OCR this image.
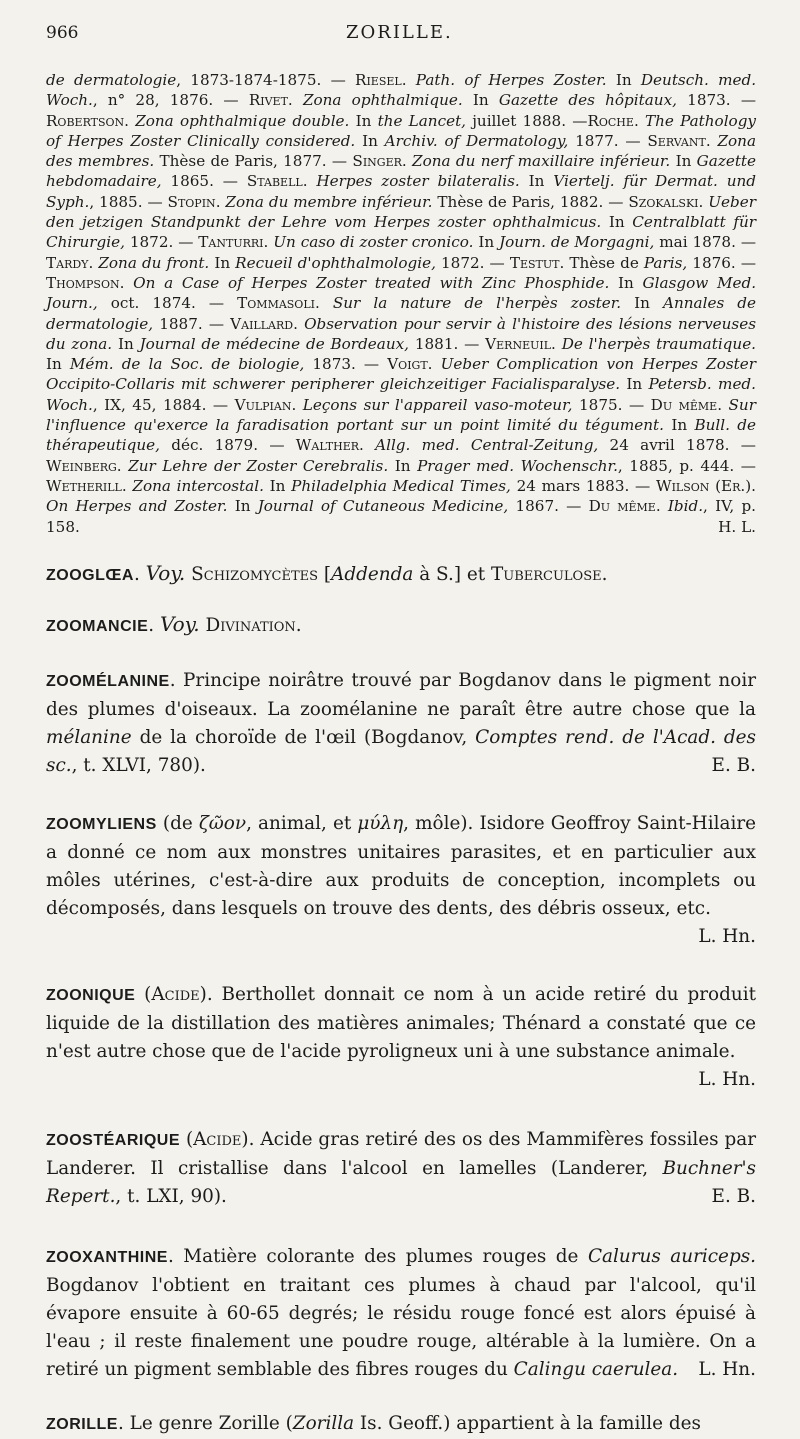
966	ZORILLE.
de dermatologie, 1873-1874-1875. — Riesel. Path. of Herpes Zoster. In Deutsch. med. Woch., n° 28, 1876. — Rivet. Zona ophthalmique. In Gazette des hôpitaux, 1873. — Robertson. Zona ophthalmique double. In the Lancet, juillet 1888. —Roche. The Pathology of Herpes Zoster Clinically considered. In Archiv. of Dermatology, 1877. — Servant. Zona des membres. Thèse de Paris, 1877. — Singer. Zona du nerf maxillaire inférieur. In Gazette hebdomadaire, 1865. — Stabell. Herpes zoster bilateralis. In Viertelj. für Dermat. und Syph., 1885. — Stopin. Zona du membre inférieur. Thèse de Paris, 1882. — Szokalski. Ueber den jetzigen Standpunkt der Lehre vom Herpes zoster ophthalmicus. In Centralblatt für Chirurgie, 1872. — Tanturri. Un caso di zoster cronico. In Journ. de Morgagni, mai 1878. — Tardy. Zona du front. In Recueil d'ophthalmologie, 1872. — Testut. Thèse de Paris, 1876. — Thompson. On a Case of Herpes Zoster treated with Zinc Phosphide. In Glasgow Med. Journ., oct. 1874. — Tommasoli. Sur la nature de l'herpès zoster. In Annales de dermatologie, 1887. — Vaillard. Observation pour servir à l'histoire des lésions nerveuses du zona. In Journal de médecine de Bordeaux, 1881. — Verneuil. De l'herpès traumatique. In Mém. de la Soc. de biologie, 1873. — Voigt. Ueber Complication von Herpes Zoster Occipito-Collaris mit schwerer peripherer gleichzeitiger Facialisparalyse. In Petersb. med. Woch., IX, 45, 1884. — Vulpian. Leçons sur l'appareil vaso-moteur, 1875. — Du même. Sur l'influence qu'exerce la faradisation portant sur un point limité du tégument. In Bull. de thérapeutique, déc. 1879. — Walther. Allg. med. Central-Zeitung, 24 avril 1878. — Weinberg. Zur Lehre der Zoster Cerebralis. In Prager med. Wochenschr., 1885, p. 444. — Wetherill. Zona intercostal. In Philadelphia Medical Times, 24 mars 1883. — Wilson (Er.). On Herpes and Zoster. In Journal of Cutaneous Medicine, 1867. — Du même. Ibid., IV, p. 158.	H. L.
ZOOGLŒA. Voy. Schizomycètes [Addenda à S.] et Tuberculose.
ZOOMANCIE. Voy. Divination.
ZOOMÉLANINE. Principe noirâtre trouvé par Bogdanov dans le pigment noir des plumes d'oiseaux. La zoomélanine ne paraît être autre chose que la mélanine de la choroïde de l'œil (Bogdanov, Comptes rend. de l'Acad. des sc., t. XLVI, 780).	E. B.
ZOOMYLIENS (de ζῶον, animal, et μύλη, môle). Isidore Geoffroy Saint-Hilaire a donné ce nom aux monstres unitaires parasites, et en particulier aux môles utérines, c'est-à-dire aux produits de conception, incomplets ou décomposés, dans lesquels on trouve des dents, des débris osseux, etc.
L. Hn.
ZOONIQUE (Acide). Berthollet donnait ce nom à un acide retiré du produit liquide de la distillation des matières animales; Thénard a constaté que ce n'est autre chose que de l'acide pyroligneux uni à une substance animale.
L. Hn.
ZOOSTÉARIQUE (Acide). Acide gras retiré des os des Mammifères fossiles par Landerer. Il cristallise dans l'alcool en lamelles (Landerer, Buchner's Repert., t. LXI, 90).	E. B.
ZOOXANTHINE. Matière colorante des plumes rouges de Calurus auriceps. Bogdanov l'obtient en traitant ces plumes à chaud par l'alcool, qu'il évapore ensuite à 60-65 degrés; le résidu rouge foncé est alors épuisé à l'eau ; il reste finalement une poudre rouge, altérable à la lumière. On a retiré un pigment semblable des fibres rouges du Calingu caerulea.	L. Hn.
ZORILLE. Le genre Zorille (Zorilla Is. Geoff.) appartient à la famille des
